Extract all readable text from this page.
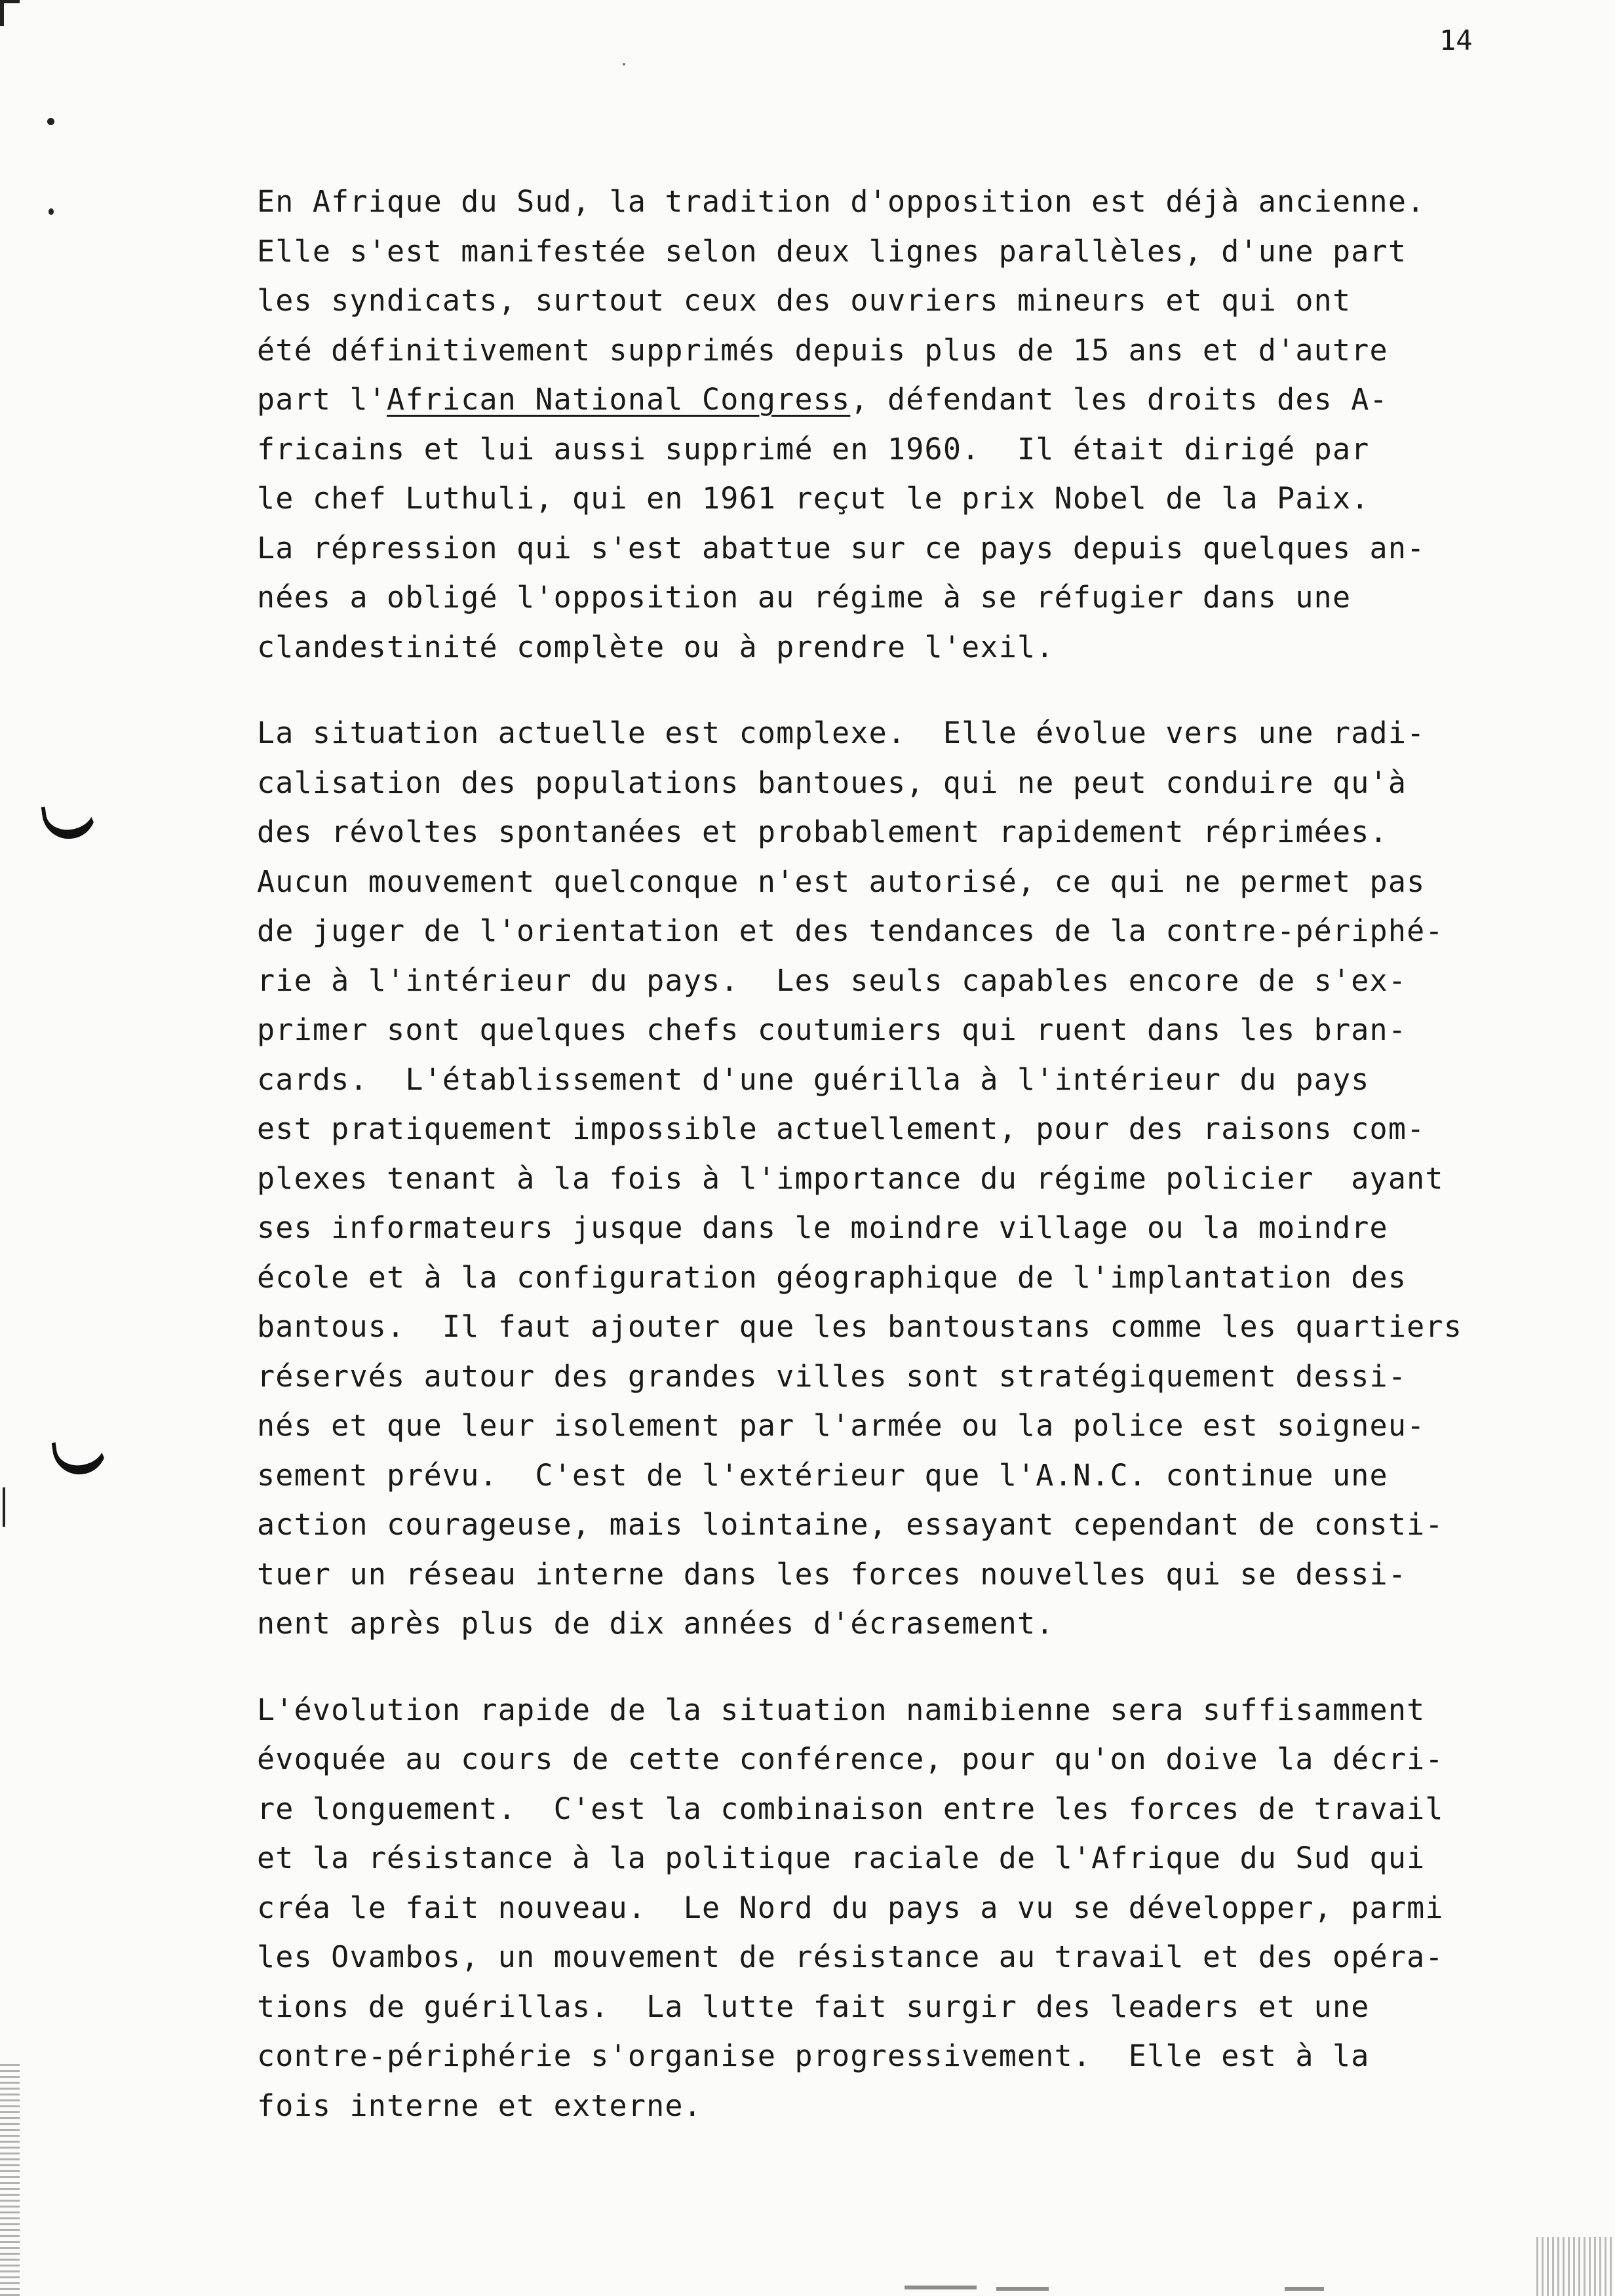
14
En Afrique du Sud, la tradition d'opposition est déjà ancienne.
Elle s'est manifestée selon deux lignes parallèles, d'une part
les syndicats, surtout ceux des ouvriers mineurs et qui ont
été définitivement supprimés depuis plus de 15 ans et d'autre
part l'African National Congress, défendant les droits des A-
fricains et lui aussi supprimé en 1960.  Il était dirigé par
le chef Luthuli, qui en 1961 reçut le prix Nobel de la Paix.
La répression qui s'est abattue sur ce pays depuis quelques an-
nées a obligé l'opposition au régime à se réfugier dans une
clandestinité complète ou à prendre l'exil.
La situation actuelle est complexe.  Elle évolue vers une radi-
calisation des populations bantoues, qui ne peut conduire qu'à
des révoltes spontanées et probablement rapidement réprimées.
Aucun mouvement quelconque n'est autorisé, ce qui ne permet pas
de juger de l'orientation et des tendances de la contre-périphé-
rie à l'intérieur du pays.  Les seuls capables encore de s'ex-
primer sont quelques chefs coutumiers qui ruent dans les bran-
cards.  L'établissement d'une guérilla à l'intérieur du pays
est pratiquement impossible actuellement, pour des raisons com-
plexes tenant à la fois à l'importance du régime policier  ayant
ses informateurs jusque dans le moindre village ou la moindre
école et à la configuration géographique de l'implantation des
bantous.  Il faut ajouter que les bantoustans comme les quartiers
réservés autour des grandes villes sont stratégiquement dessi-
nés et que leur isolement par l'armée ou la police est soigneu-
sement prévu.  C'est de l'extérieur que l'A.N.C. continue une
action courageuse, mais lointaine, essayant cependant de consti-
tuer un réseau interne dans les forces nouvelles qui se dessi-
nent après plus de dix années d'écrasement.
L'évolution rapide de la situation namibienne sera suffisamment
évoquée au cours de cette conférence, pour qu'on doive la décri-
re longuement.  C'est la combinaison entre les forces de travail
et la résistance à la politique raciale de l'Afrique du Sud qui
créa le fait nouveau.  Le Nord du pays a vu se développer, parmi
les Ovambos, un mouvement de résistance au travail et des opéra-
tions de guérillas.  La lutte fait surgir des leaders et une
contre-périphérie s'organise progressivement.  Elle est à la
fois interne et externe.
